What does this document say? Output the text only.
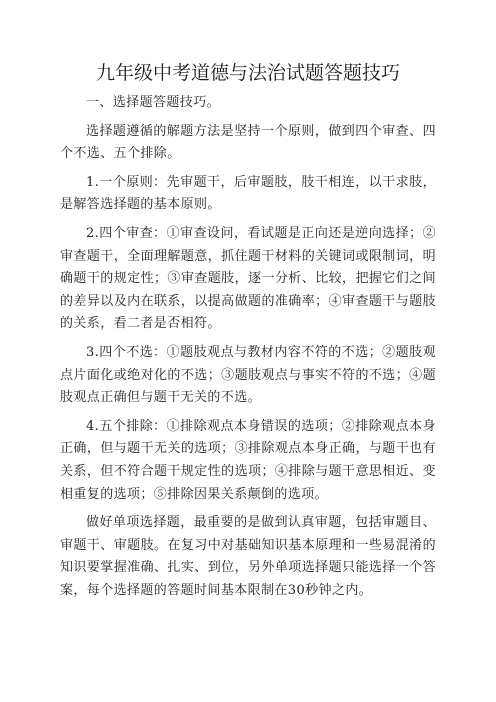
九年级中考道德与法治试题答题技巧

一、选择题答题技巧。

选择题遵循的解题方法是坚持一个原则，做到四个审查、四个不选、五个排除。

1.一个原则：先审题干，后审题肢，肢干相连，以干求肢，是解答选择题的基本原则。

2.四个审查：①审查设问，看试题是正向还是逆向选择；②审查题干，全面理解题意，抓住题干材料的关键词或限制词，明确题干的规定性；③审查题肢，逐一分析、比较，把握它们之间的差异以及内在联系，以提高做题的准确率；④审查题干与题肢的关系，看二者是否相符。

3.四个不选：①题肢观点与教材内容不符的不选；②题肢观点片面化或绝对化的不选；③题肢观点与事实不符的不选；④题肢观点正确但与题干无关的不选。

4.五个排除：①排除观点本身错误的选项；②排除观点本身正确，但与题干无关的选项；③排除观点本身正确，与题干也有关系，但不符合题干规定性的选项；④排除与题干意思相近、变相重复的选项；⑤排除因果关系颠倒的选项。

做好单项选择题，最重要的是做到认真审题，包括审题目、审题干、审题肢。在复习中对基础知识基本原理和一些易混淆的知识要掌握准确、扎实、到位，另外单项选择题只能选择一个答案，每个选择题的答题时间基本限制在30秒钟之内。
